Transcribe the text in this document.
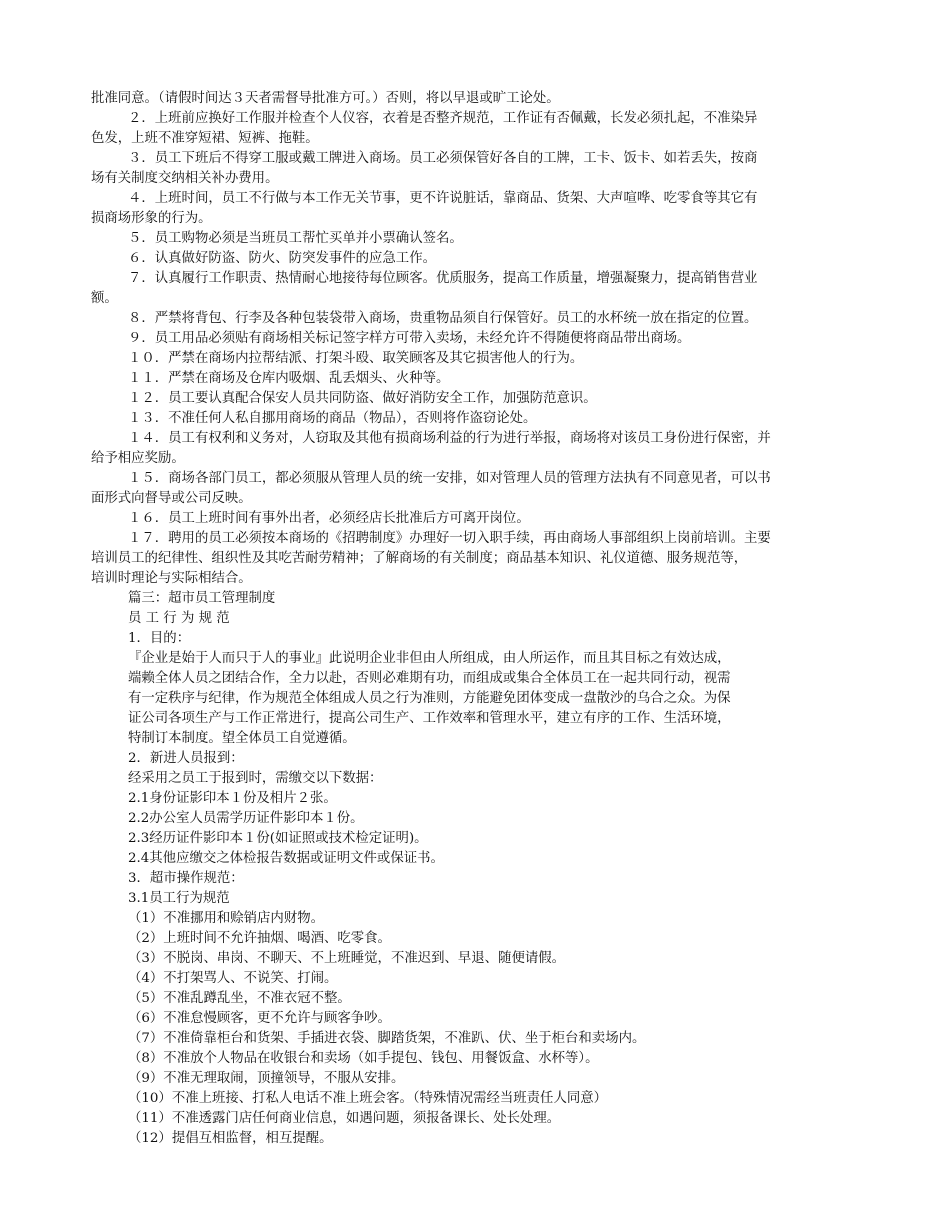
批准同意。（请假时间达３天者需督导批准方可。）否则，将以早退或旷工论处。
２．上班前应换好工作服并检查个人仪容，衣着是否整齐规范，工作证有否佩戴，长发必须扎起，不准染异
色发，上班不准穿短裙、短裤、拖鞋。
３．员工下班后不得穿工服或戴工牌进入商场。员工必须保管好各自的工牌，工卡、饭卡、如若丢失，按商
场有关制度交纳相关补办费用。
４．上班时间，员工不行做与本工作无关节事，更不许说脏话，靠商品、货架、大声喧哗、吃零食等其它有
损商场形象的行为。
５．员工购物必须是当班员工帮忙买单并小票确认签名。
６．认真做好防盗、防火、防突发事件的应急工作。
７．认真履行工作职责、热情耐心地接待每位顾客。优质服务，提高工作质量，增强凝聚力，提高销售营业
额。
８．严禁将背包、行李及各种包装袋带入商场，贵重物品须自行保管好。员工的水杯统一放在指定的位置。
９．员工用品必须贴有商场相关标记签字样方可带入卖场，未经允许不得随便将商品带出商场。
１０．严禁在商场内拉帮结派、打架斗殴、取笑顾客及其它损害他人的行为。
１１．严禁在商场及仓库内吸烟、乱丢烟头、火种等。
１２．员工要认真配合保安人员共同防盗、做好消防安全工作，加强防范意识。
１３．不准任何人私自挪用商场的商品（物品），否则将作盗窃论处。
１４．员工有权利和义务对，人窃取及其他有损商场利益的行为进行举报，商场将对该员工身份进行保密，并
给予相应奖励。
１５．商场各部门员工，都必须服从管理人员的统一安排，如对管理人员的管理方法执有不同意见者，可以书
面形式向督导或公司反映。
１６．员工上班时间有事外出者，必须经店长批准后方可离开岗位。
１７．聘用的员工必须按本商场的《招聘制度》办理好一切入职手续，再由商场人事部组织上岗前培训。主要
培训员工的纪律性、组织性及其吃苦耐劳精神；了解商场的有关制度；商品基本知识、礼仪道德、服务规范等，
培训时理论与实际相结合。
篇三：超市员工管理制度
员 工 行 为 规 范
1．目的：
『企业是始于人而只于人的事业』此说明企业非但由人所组成，由人所运作，而且其目标之有效达成，
端赖全体人员之团结合作，全力以赴，否则必难期有功，而组成或集合全体员工在一起共同行动，视需
有一定秩序与纪律，作为规范全体组成人员之行为准则，方能避免团体变成一盘散沙的乌合之众。为保
证公司各项生产与工作正常进行，提高公司生产、工作效率和管理水平，建立有序的工作、生活环境，
特制订本制度。望全体员工自觉遵循。
2．新进人员报到：
经采用之员工于报到时，需缴交以下数据：
2.1身份证影印本１份及相片２张。
2.2办公室人员需学历证件影印本１份。
2.3经历证件影印本１份(如证照或技术检定证明)。
2.4其他应缴交之体检报告数据或证明文件或保证书。
3．超市操作规范：
3.1员工行为规范
（1）不准挪用和赊销店内财物。
（2）上班时间不允许抽烟、喝酒、吃零食。
（3）不脱岗、串岗、不聊天、不上班睡觉，不准迟到、早退、随便请假。
（4）不打架骂人、不说笑、打闹。
（5）不准乱蹲乱坐，不准衣冠不整。
（6）不准怠慢顾客，更不允许与顾客争吵。
（7）不准倚靠柜台和货架、手插进衣袋、脚踏货架，不准趴、伏、坐于柜台和卖场内。
（8）不准放个人物品在收银台和卖场（如手提包、钱包、用餐饭盒、水杯等）。
（9）不准无理取闹，顶撞领导，不服从安排。
（10）不准上班接、打私人电话不准上班会客。（特殊情况需经当班责任人同意）
（11）不准透露门店任何商业信息，如遇问题，须报备课长、处长处理。
（12）提倡互相监督，相互提醒。
